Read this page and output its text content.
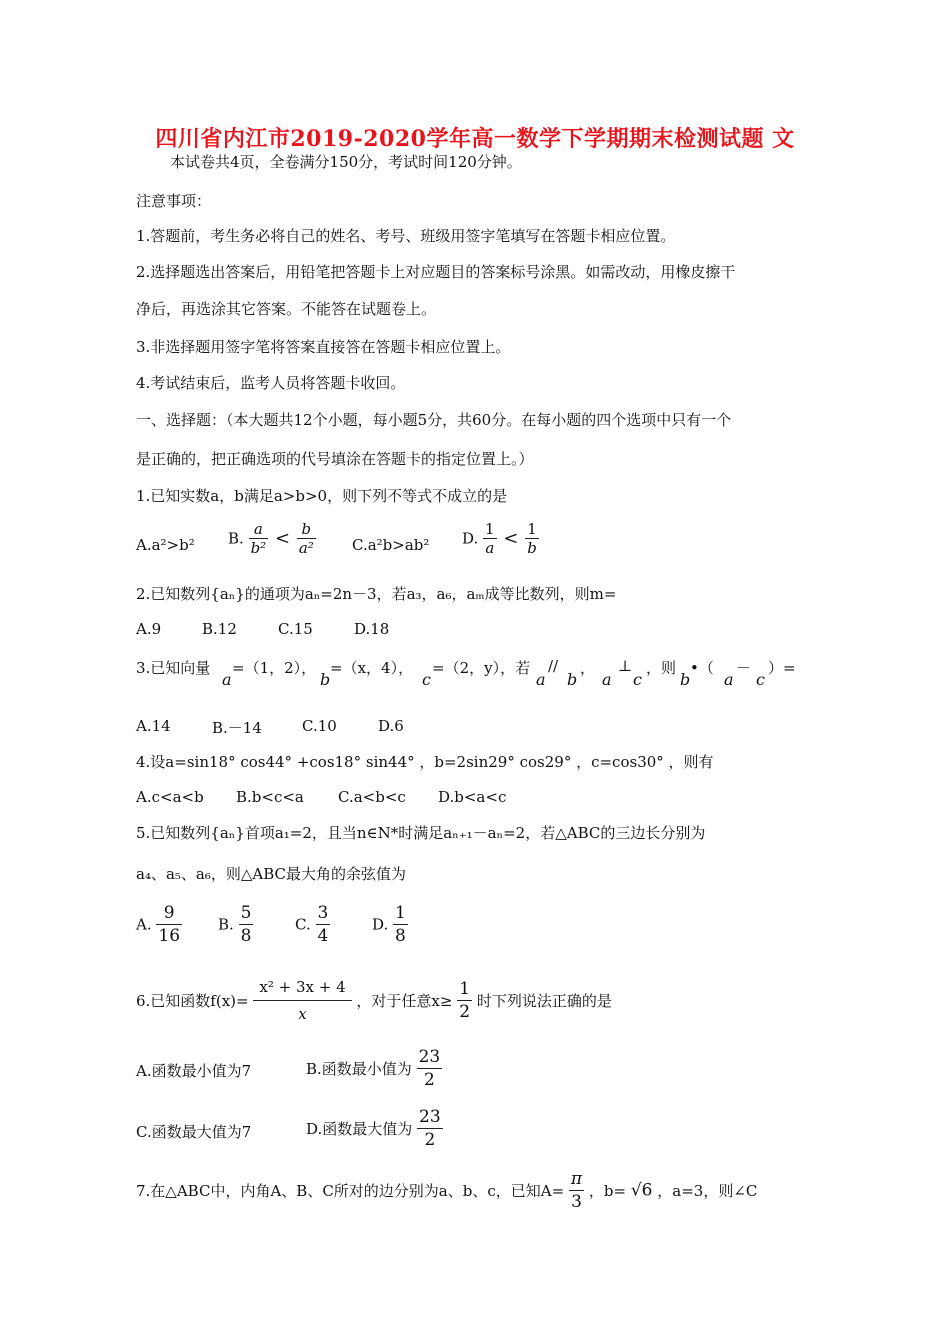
四川省内江市2019-2020学年高一数学下学期期末检测试题 文
本试卷共4页，全卷满分150分，考试时间120分钟。
注意事项：
1.答题前，考生务必将自己的姓名、考号、班级用签字笔填写在答题卡相应位置。
2.选择题选出答案后，用铅笔把答题卡上对应题目的答案标号涂黑。如需改动，用橡皮擦干
净后，再选涂其它答案。不能答在试题卷上。
3.非选择题用签字笔将答案直接答在答题卡相应位置上。
4.考试结束后，监考人员将答题卡收回。
一、选择题：（本大题共12个小题，每小题5分，共60分。在每小题的四个选项中只有一个
是正确的，把正确选项的代号填涂在答题卡的指定位置上。）
1.已知实数a，b满足a>b>0，则下列不等式不成立的是
A.a²>b² B. $\frac{a}{\text{b²}} < \frac{b}{\text{a²}} C.a^2b>ab^2$ D. $\frac{1}{a} < \frac{1}{b}$
2.已知数列{aₙ}的通项为aₙ=2n－3，若a₃，a₆，aₘ成等比数列，则m=
A.9	B.12	C.15	D.18
3.已知向量
a
=（1，2），
b
=（x，4），
c
=（2，y），若
a
//
b
，
a
⊥
c
，则
b
•（
a
－
c
）=
A.14	B.－14	C.10	D.6
4.设a=sin18° cos44° +cos18° sin44° ，b=2sin29° cos29° ，c=cos30° ，则有
A.c<a<b B.b<c<a C.a<b<c D.b<a<c
5.已知数列{aₙ}首项a₁=2，且当n∈N*时满足aₙ₊₁－aₙ=2，若△ABC的三边长分别为
a₄、a₅、a₆，则△ABC最大角的余弦值为
A. $\frac{9}{16} B$. $\frac{5}{8}$	C. $\frac{3}{4}$	D. $\frac{1}{8}$
6.已知函数$f(x)= \frac{\text{x² + 3x + 4}}{x}$ ，对于任意$x\ge \frac{1}{2}$ 时下列说法正确的是
A.函数最小值为7	B.函数最小值为 $\frac{23}{2}$
C.函数最大值为7	D.函数最大值为 $\frac{23}{2}$
7.在△ABC中，内角A、B、C所对的边分别为a、b、c，已知$A= \frac{\pi}{3}$ ，b= √6 ，a=3，则∠C
